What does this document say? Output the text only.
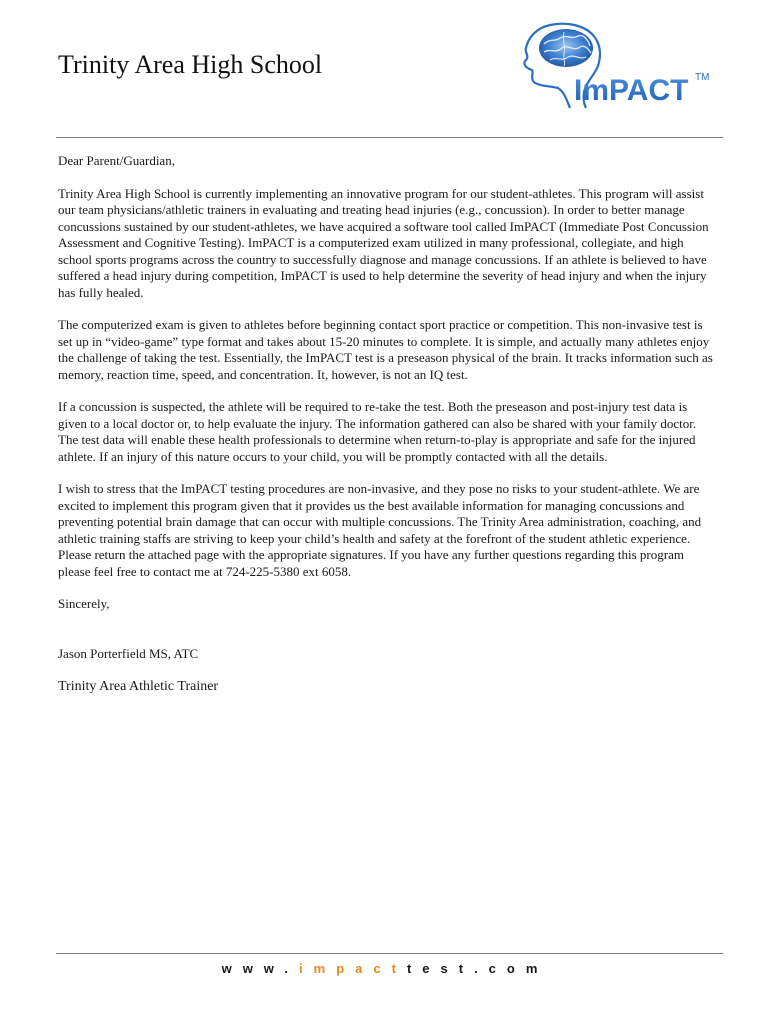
Trinity Area High School
ImPACT TM

Dear Parent/Guardian,

Trinity Area High School is currently implementing an innovative program for our student-athletes. This program will assist our team physicians/athletic trainers in evaluating and treating head injuries (e.g., concussion). In order to better manage concussions sustained by our student-athletes, we have acquired a software tool called ImPACT (Immediate Post Concussion Assessment and Cognitive Testing). ImPACT is a computerized exam utilized in many professional, collegiate, and high school sports programs across the country to successfully diagnose and manage concussions. If an athlete is believed to have suffered a head injury during competition, ImPACT is used to help determine the severity of head injury and when the injury has fully healed.

The computerized exam is given to athletes before beginning contact sport practice or competition. This non-invasive test is set up in “video-game” type format and takes about 15-20 minutes to complete. It is simple, and actually many athletes enjoy the challenge of taking the test. Essentially, the ImPACT test is a preseason physical of the brain. It tracks information such as memory, reaction time, speed, and concentration. It, however, is not an IQ test.

If a concussion is suspected, the athlete will be required to re-take the test. Both the preseason and post-injury test data is given to a local doctor or, to help evaluate the injury. The information gathered can also be shared with your family doctor. The test data will enable these health professionals to determine when return-to-play is appropriate and safe for the injured athlete. If an injury of this nature occurs to your child, you will be promptly contacted with all the details.

I wish to stress that the ImPACT testing procedures are non-invasive, and they pose no risks to your student-athlete. We are excited to implement this program given that it provides us the best available information for managing concussions and preventing potential brain damage that can occur with multiple concussions. The Trinity Area administration, coaching, and athletic training staffs are striving to keep your child’s health and safety at the forefront of the student athletic experience. Please return the attached page with the appropriate signatures. If you have any further questions regarding this program please feel free to contact me at 724-225-5380 ext 6058.

Sincerely,

Jason Porterfield MS, ATC

Trinity Area Athletic Trainer

www.impacttest.com
